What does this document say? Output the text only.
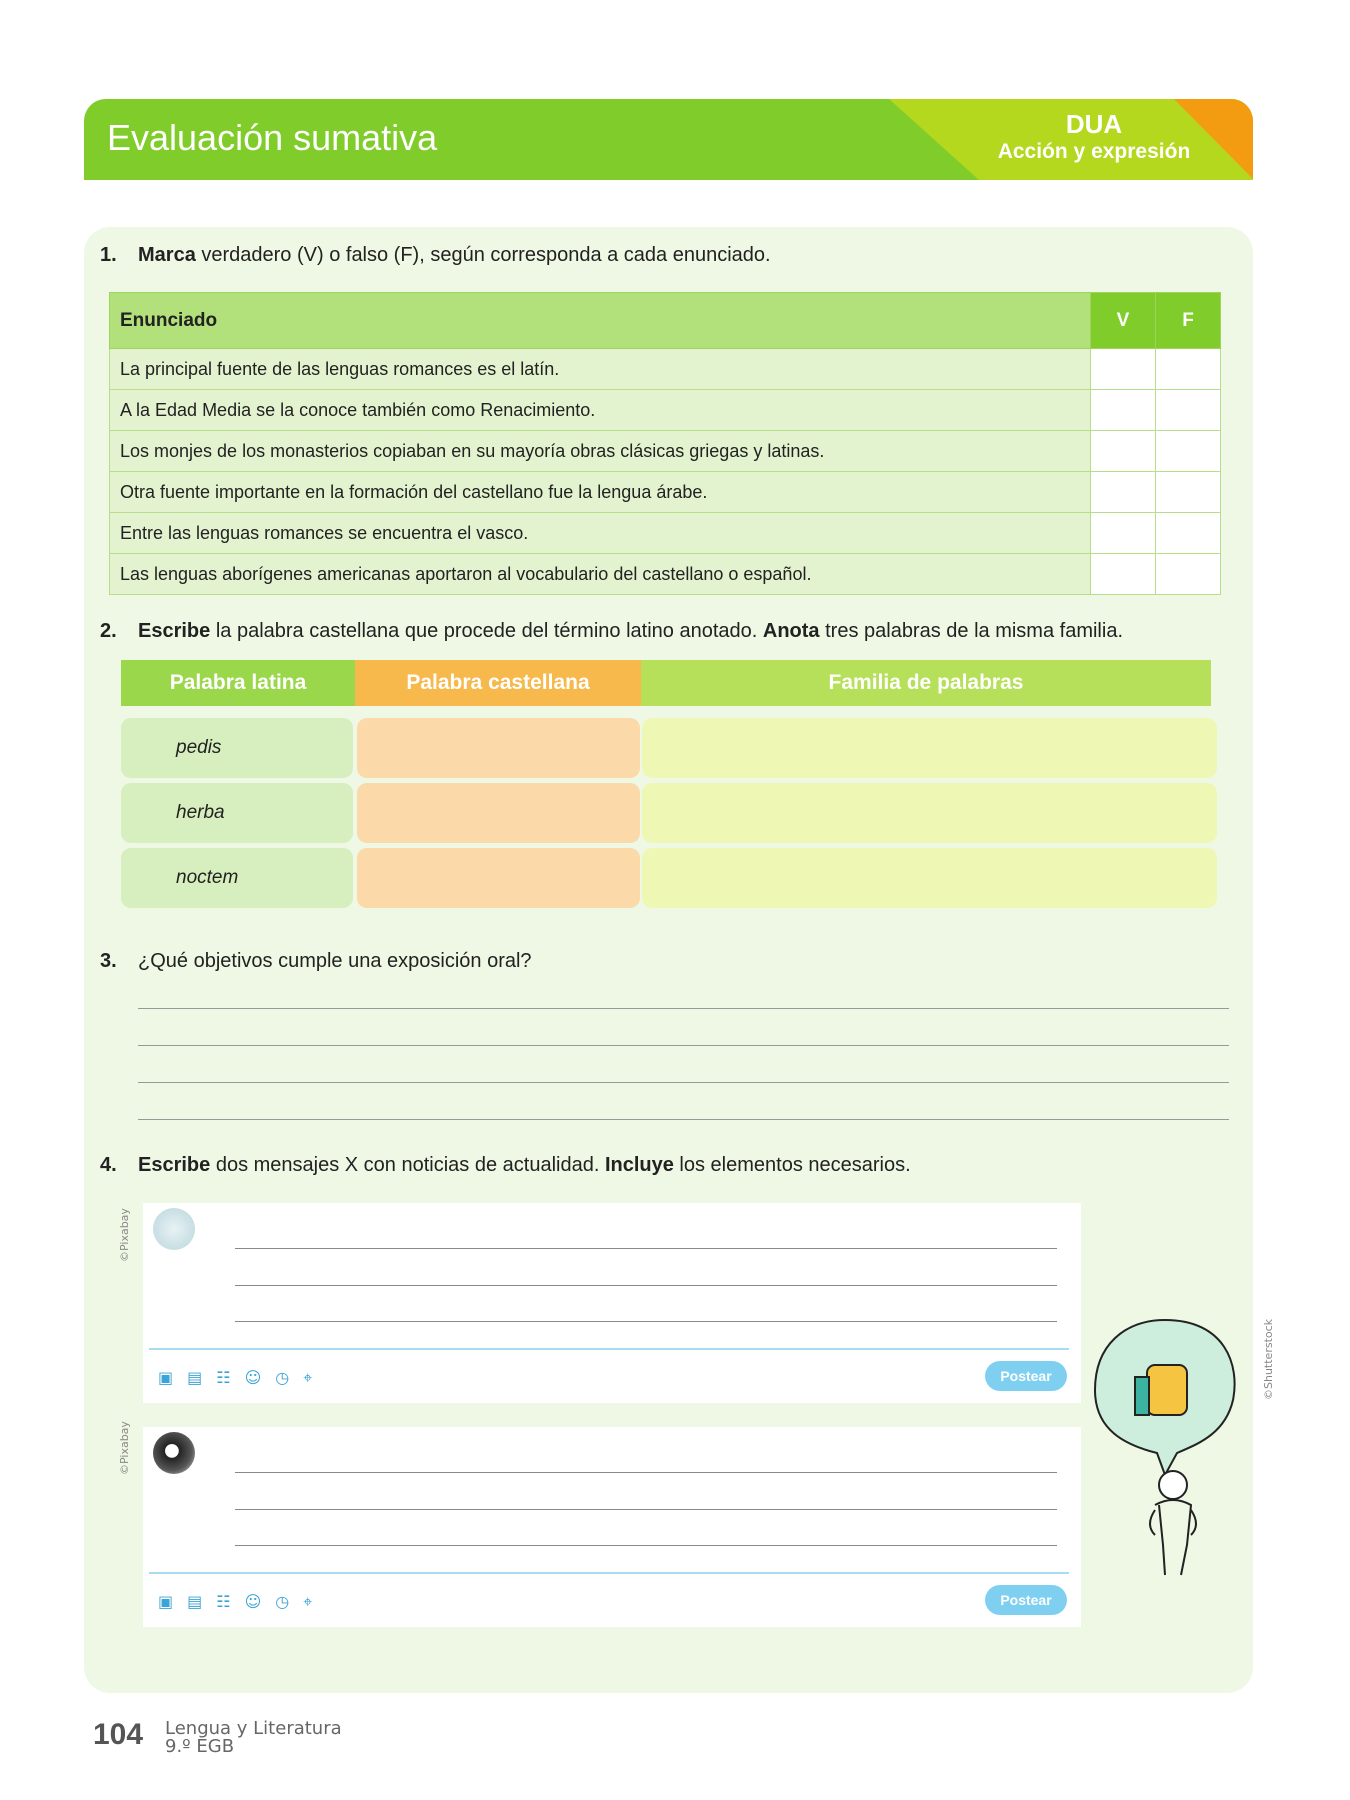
Evaluación sumativa	DUA
Acción y expresión
1. Marca verdadero (V) o falso (F), según corresponda a cada enunciado.
Enunciado	V	F
La principal fuente de las lenguas romances es el latín.		
A la Edad Media se la conoce también como Renacimiento.		
Los monjes de los monasterios copiaban en su mayoría obras clásicas griegas y latinas.		
Otra fuente importante en la formación del castellano fue la lengua árabe.		
Entre las lenguas romances se encuentra el vasco.		
Las lenguas aborígenes americanas aportaron al vocabulario del castellano o español.		
2. Escribe la palabra castellana que procede del término latino anotado. Anota tres palabras de la misma familia.
Palabra latina	Palabra castellana	Familia de palabras
pedis
herba
noctem
3. ¿Qué objetivos cumple una exposición oral?
4. Escribe dos mensajes X con noticias de actualidad. Incluye los elementos necesarios.
▣ ▤ ☷ ☺ ◷ ⌖	Postear
©Pixabay
▣ ▤ ☷ ☺ ◷ ⌖	Postear
©Pixabay
©Shutterstock
104 Lengua y Literatura
9.º EGB
